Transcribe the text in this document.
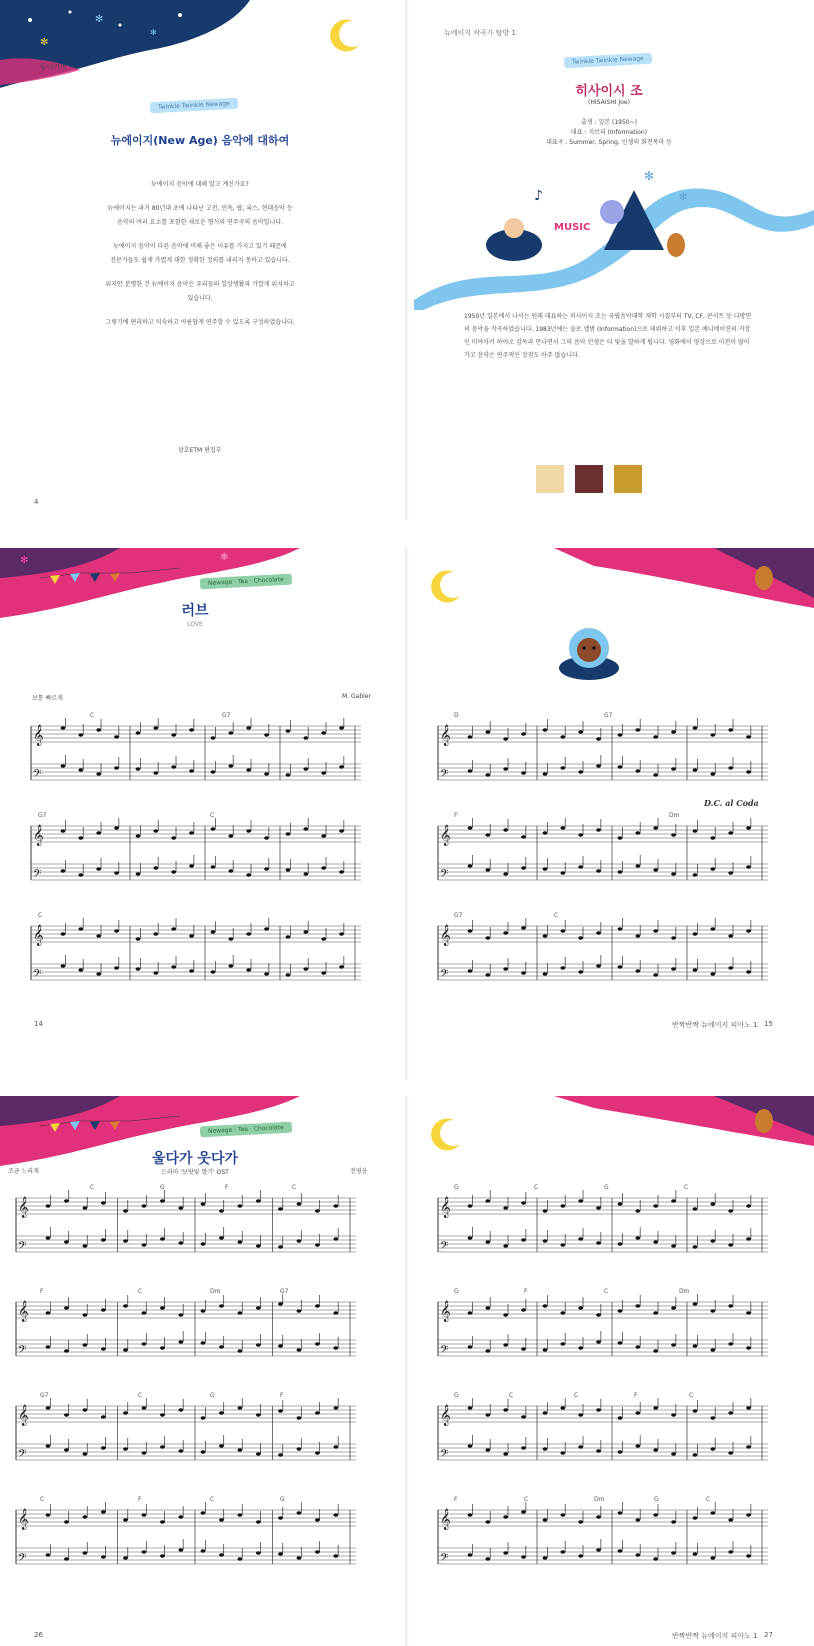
✻
✻
✻
들어가며
Twinkle Twinkle Newage
뉴에이지(New Age) 음악에 대하여

뉴에이지 음악에 대해 알고 계신가요?

뉴에이지는 과거 80년대 초에 나타난 고전, 민속, 팝, 록스, 현대음악 등
음악의 여러 요소를 포함한 새로운 형식의 연주곡의 음악입니다.

뉴에이지 음악이 다른 음악에 비해 좋은 이유를 가지고 있기 때문에
전문가들도 쉽게 가볍게 대한 정확한 정의를 내리지 못하고 있습니다.

위지만 분명한 건 뉴에이지 음악은 우리들의 일상생활과 가깝게 위치하고
있습니다.

그렇기에 편리하고 익숙하고 아름답게 연주할 수 있도록 구성하였습니다.

삼호ETM 편집부
4
뉴에이지 작곡가 탐방 1
Twinkle Twinkle Newage
히사이시 조
(HISAISHI Joe)
출생 : 일본 (1950~)
대표 : 지브리 (Information)
대표곡 : Summer, Spring, 인생의 회전목마 등
MUSIC
✻
✻
♪

1950년 일본에서 나서는 원래 대표하는 히사이시 조는 국립음악대학 재학 시절부터 TV, CF, 콘서트 등 다방면의 음악을 작곡하였습니다. 1983년에는 솔로 앨범 (Information)으로 데뷔하고 이후 일본 애니메이션의 거장인 미야자키 하야오 감독과 만나면서 그의 음악 인생은 더 빛을 발하게 됩니다. 영화에서 영상으로 이전이 많이 가고 음악은 연주적인 장점도 아주 많습니다.

✻	✻
Newage · Tea · Chocolate
러브
LOVE
보통 빠르게	M. Gabler
𝄞
𝄢
𝄞
𝄢
𝄞
𝄢
C	G7
G7	C
C
14
𝄞
𝄢
𝄞
𝄢
𝄞
𝄢
D	G7
F	Dm
G7	C
D.C. al Coda
반짝반짝 뉴에이지 피아노 1 15
Newage · Tea · Chocolate
울다가 웃다가
드라마 '보랏빛 향기' OST
조금 느리게	진영웅
𝄞
𝄢
𝄞
𝄢
𝄞
𝄢
𝄞
𝄢
C	G	F	C
F	C	Dm	G7
G7	C	G	F
C	F	C	G
26
𝄞
𝄢
𝄞
𝄢
𝄞
𝄢
𝄞
𝄢
G	C	G	C
G	F	C	Dm
G	C	C	F	C
F	C	Dm	G	C
반짝반짝 뉴에이지 피아노 1 27
